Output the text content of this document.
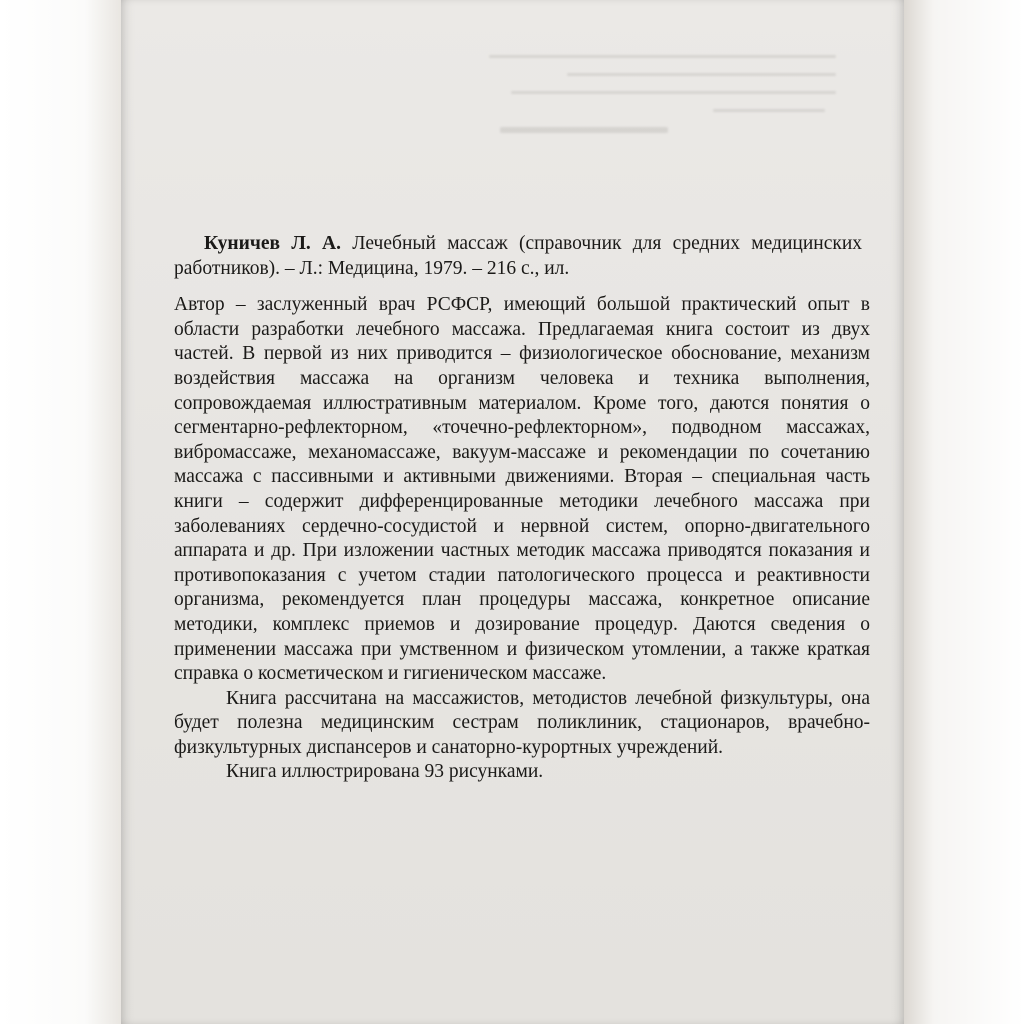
Куничев Л. А. Лечебный массаж (справочник для средних медицинских работников). – Л.: Медицина, 1979. – 216 с., ил.

Автор – заслуженный врач РСФСР, имеющий большой практический опыт в области разработки лечебного массажа. Предлагаемая книга состоит из двух частей. В первой из них приводится – физиологическое обоснование, механизм воздействия массажа на организм человека и техника выполнения, сопровождаемая иллюстративным материалом. Кроме того, даются понятия о сегментарно-рефлекторном, «точечно-рефлекторном», подводном массажах, вибромассаже, механомассаже, вакуум-массаже и рекомендации по сочетанию массажа с пассивными и активными движениями. Вторая – специальная часть книги – содержит дифференцированные методики лечебного массажа при заболеваниях сердечно-сосудистой и нервной систем, опорно-двигательного аппарата и др. При изложении частных методик массажа приводятся показания и противопоказания с учетом стадии патологического процесса и реактивности организма, рекомендуется план процедуры массажа, конкретное описание методики, комплекс приемов и дозирование процедур. Даются сведения о применении массажа при умственном и физическом утомлении, а также краткая справка о косметическом и гигиеническом массаже.

Книга рассчитана на массажистов, методистов лечебной физкультуры, она будет полезна медицинским сестрам поликлиник, стационаров, врачебно-физкультурных диспансеров и санаторно-курортных учреждений.

Книга иллюстрирована 93 рисунками.
